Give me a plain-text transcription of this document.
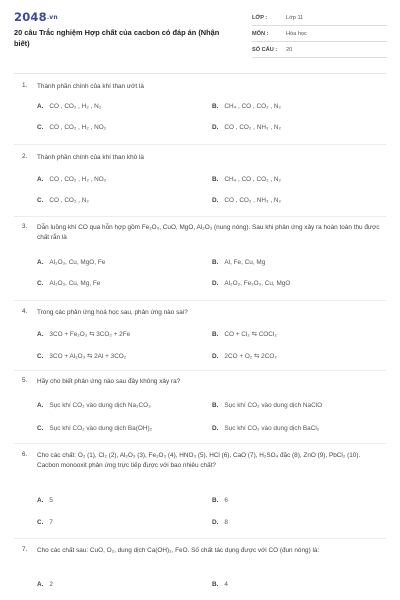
2048.vn
20 câu Trắc nghiệm Hợp chất của cacbon có đáp án (Nhận biết)
LỚP :	Lớp 11
MÔN :	Hóa học
SỐ CÂU : 20
1. Thành phần chính của khí than ướt là
A. CO , CO₂ , H₂ , N₂	B. CH₄ , CO , CO₂ , N₂
C. CO , CO₂ , H₂ , NO₂	D. CO , CO₂ , NH₃ , N₂
2. Thành phần chính của khí than khô là
A. CO , CO₂ , H₂ , NO₂	B. CH₄ , CO , CO₂ , N₂
C. CO , CO₂ , N₂	D. CO , CO₂ , NH₃ , N₂
3. Dẫn luồng khí CO qua hỗn hợp gồm Fe₂O₃, CuO, MgO, Al₂O₃ (nung nóng). Sau khi phản ứng xảy ra hoàn toàn thu được chất rắn là
A. Al₂O₃, Cu, MgO, Fe	B. Al, Fe, Cu, Mg
C. Al₂O₃, Cu, Mg, Fe	D. Al₂O₃, Fe₂O₃, Cu, MgO
4. Trong các phản ứng hoá học sau, phản ứng nào sai?
A. 3CO + Fe₂O₃ ⇆ 3CO₂ + 2Fe	B. CO + Cl₂ ⇆ COCl₂
C. 3CO + Al₂O₃ ⇆ 2Al + 3CO₂	D. 2CO + O₂ ⇆ 2CO₂
5. Hãy cho biết phản ứng nào sau đây không xảy ra?
A. Sục khí CO₂ vào dung dịch Na₂CO₃	B. Sục khí CO₂ vào dung dịch NaClO
C. Sục khí CO₂ vào dung dịch Ba(OH)₂	D. Sục khí CO₂ vào dung dịch BaCl₂
6. Cho các chất: O₂ (1), Cl₂ (2), Al₂O₃ (3), Fe₂O₃ (4), HNO₃ (5), HCl (6), CaO (7), H₂SO₄ đặc (8), ZnO (9), PbCl₂ (10). Cacbon monooxit phản ứng trực tiếp được với bao nhiêu chất?
A. 5	B. 6
C. 7	D. 8
7. Cho các chất sau: CuO, O₂, dung dịch Ca(OH)₂, FeO. Số chất tác dụng được với CO (đun nóng) là:
A. 2	B. 4
